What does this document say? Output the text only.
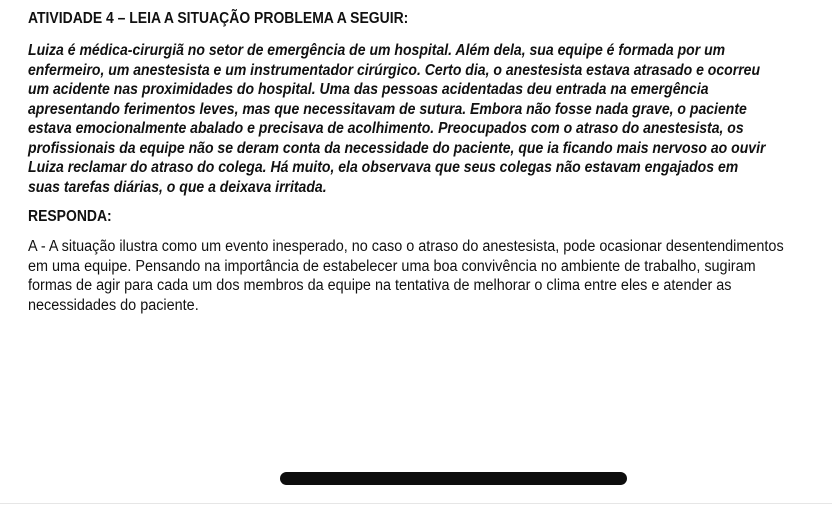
ATIVIDADE 4 – LEIA A SITUAÇÃO PROBLEMA A SEGUIR:
Luiza é médica-cirurgiã no setor de emergência de um hospital. Além dela, sua equipe é formada por um
enfermeiro, um anestesista e um instrumentador cirúrgico. Certo dia, o anestesista estava atrasado e ocorreu
um acidente nas proximidades do hospital. Uma das pessoas acidentadas deu entrada na emergência
apresentando ferimentos leves, mas que necessitavam de sutura. Embora não fosse nada grave, o paciente
estava emocionalmente abalado e precisava de acolhimento. Preocupados com o atraso do anestesista, os
profissionais da equipe não se deram conta da necessidade do paciente, que ia ficando mais nervoso ao ouvir
Luiza reclamar do atraso do colega. Há muito, ela observava que seus colegas não estavam engajados em
suas tarefas diárias, o que a deixava irritada.
RESPONDA:
A - A situação ilustra como um evento inesperado, no caso o atraso do anestesista, pode ocasionar desentendimentos
em uma equipe. Pensando na importância de estabelecer uma boa convivência no ambiente de trabalho, sugiram
formas de agir para cada um dos membros da equipe na tentativa de melhorar o clima entre eles e atender as
necessidades do paciente.
